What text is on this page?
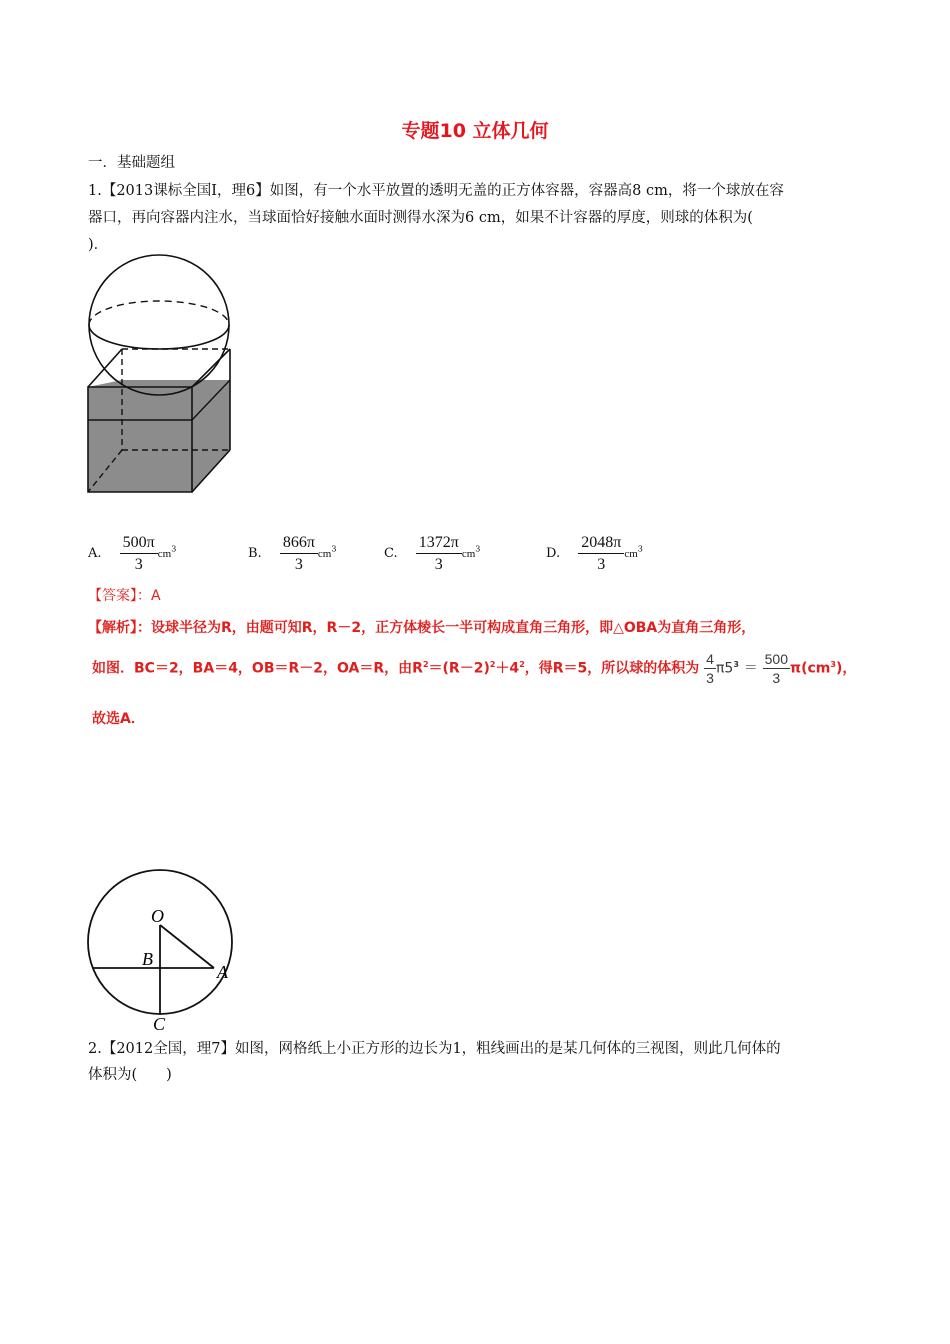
专题10 立体几何
一．基础题组
1.【2013课标全国Ⅰ，理6】如图，有一个水平放置的透明无盖的正方体容器，容器高8 cm，将一个球放在容
器口，再向容器内注水，当球面恰好接触水面时测得水深为6 cm，如果不计容器的厚度，则球的体积为(
)．
A. $\frac{500\pi}{3} cm^3$	B. $\frac{866\pi}{3} cm^3$	C. $\frac{1372\pi}{3} cm^3$	D. $\frac{2048\pi}{3} cm^3$
【答案】：A
【解析】：设球半径为R，由题可知R，R－2，正方体棱长一半可构成直角三角形，即△OBA为直角三角形，
如图．BC＝2，BA＝4，OB＝R－2，OA＝R，由$R^2=(R-2)^2+4^2$，得R＝5，所以球的体积为 $\frac{4}{3} \pi 5^3 = \frac{500}{3} \pi(cm^3)$，
故选A．
O
B
A
C
2.【2012全国，理7】如图，网格纸上小正方形的边长为1，粗线画出的是某几何体的三视图，则此几何体的
体积为(　　)
